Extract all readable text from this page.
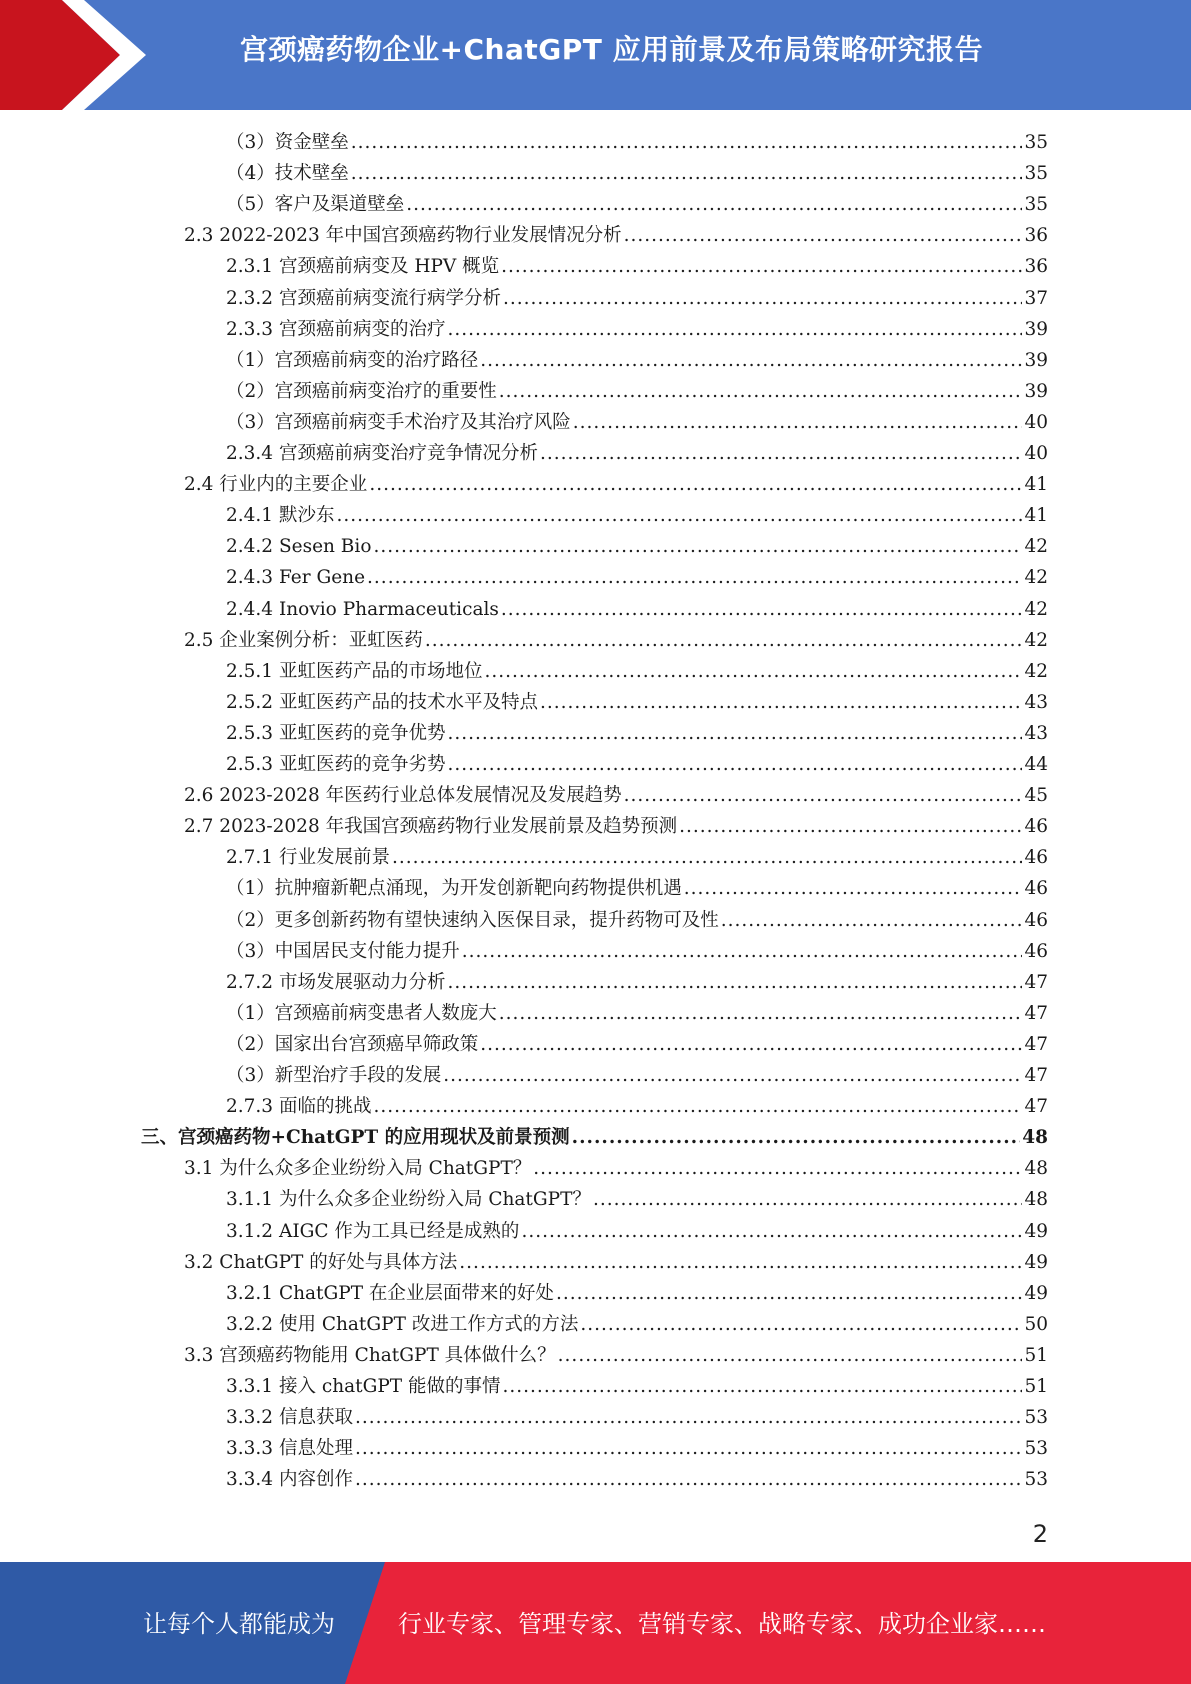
宫颈癌药物企业+ChatGPT 应用前景及布局策略研究报告
（3）资金壁垒 .....	35
（4）技术壁垒 .....	35
（5）客户及渠道壁垒 .....	35
2.3 2022-2023 年中国宫颈癌药物行业发展情况分析 .....	36
2.3.1 宫颈癌前病变及 HPV 概览 .....	36
2.3.2 宫颈癌前病变流行病学分析 .....	37
2.3.3 宫颈癌前病变的治疗 .....	39
（1）宫颈癌前病变的治疗路径 .....	39
（2）宫颈癌前病变治疗的重要性 .....	39
（3）宫颈癌前病变手术治疗及其治疗风险 .....	40
2.3.4 宫颈癌前病变治疗竞争情况分析 .....	40
2.4 行业内的主要企业 .....	41
2.4.1 默沙东 .....	41
2.4.2 Sesen Bio .....	42
2.4.3 Fer Gene .....	42
2.4.4 Inovio Pharmaceuticals .....	42
2.5 企业案例分析：亚虹医药 .....	42
2.5.1 亚虹医药产品的市场地位 .....	42
2.5.2 亚虹医药产品的技术水平及特点 .....	43
2.5.3 亚虹医药的竞争优势 .....	43
2.5.3 亚虹医药的竞争劣势 .....	44
2.6 2023-2028 年医药行业总体发展情况及发展趋势 .....	45
2.7 2023-2028 年我国宫颈癌药物行业发展前景及趋势预测 .....	46
2.7.1 行业发展前景 .....	46
（1）抗肿瘤新靶点涌现，为开发创新靶向药物提供机遇 .....	46
（2）更多创新药物有望快速纳入医保目录，提升药物可及性 .....	46
（3）中国居民支付能力提升 .....	46
2.7.2 市场发展驱动力分析 .....	47
（1）宫颈癌前病变患者人数庞大 .....	47
（2）国家出台宫颈癌早筛政策 .....	47
（3）新型治疗手段的发展 .....	47
2.7.3 面临的挑战 .....	47
三、宫颈癌药物+ChatGPT 的应用现状及前景预测 .....	48
3.1 为什么众多企业纷纷入局 ChatGPT？ .....	48
3.1.1 为什么众多企业纷纷入局 ChatGPT？ .....	48
3.1.2 AIGC 作为工具已经是成熟的 .....	49
3.2 ChatGPT 的好处与具体方法 .....	49
3.2.1 ChatGPT 在企业层面带来的好处 .....	49
3.2.2 使用 ChatGPT 改进工作方式的方法 .....	50
3.3 宫颈癌药物能用 ChatGPT 具体做什么？ .....	51
3.3.1 接入 chatGPT 能做的事情 .....	51
3.3.2 信息获取 .....	53
3.3.3 信息处理 .....	53
3.3.4 内容创作 .....	53
2
让每个人都能成为	行业专家、管理专家、营销专家、战略专家、成功企业家……
